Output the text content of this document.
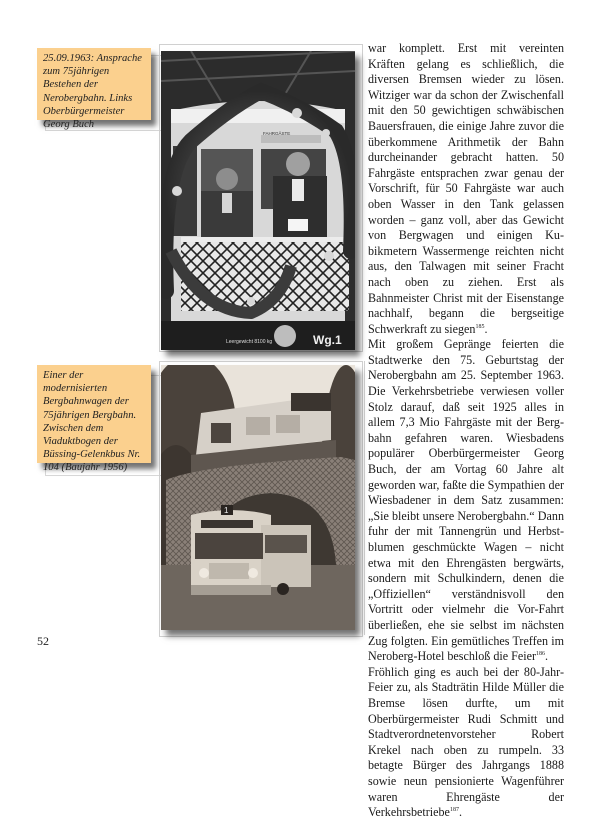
25.09.1963: Ansprache zum 75jährigen Bestehen der Nerobergbahn. Links Oberbürgermeister Georg Buch
Einer der modernisierten Bergbahnwagen der 75jährigen Bergbahn. Zwischen dem Viaduktbogen der Büssing-Gelenkbus Nr. 104 (Baujahr 1956)
Leergewicht 8100 kg	Wg.1
FAHRGÄSTE
1

war komplett. Erst mit vereinten Kräften gelang es schließlich, die diversen Bremsen wieder zu lösen. Witziger war da schon der Zwischenfall mit den 50 gewichtigen schwäbischen Bauersfrauen, die einige Jahre zuvor die überkommene Arithmetik der Bahn durcheinander gebracht hatten. 50 Fahrgäste entsprachen zwar genau der Vorschrift, für 50 Fahrgäste war auch oben Wasser in den Tank gelassen worden – ganz voll, aber das Gewicht von Bergwagen und einigen Kubikmetern Wassermenge reichten nicht aus, den Talwagen mit seiner Fracht nach oben zu ziehen. Erst als Bahnmeister Christ mit der Eisenstange nachhalf, begann die bergseitige Schwerkraft zu siegen$^{185}$.

Mit großem Gepränge feierten die Stadtwerke den 75. Geburtstag der Nerobergbahn am 25. September 1963. Die Verkehrsbetriebe verwiesen voller Stolz darauf, daß seit 1925 alles in allem 7,3 Mio Fahrgäste mit der Bergbahn gefahren waren. Wiesbadens populärer Oberbürgermeister Georg Buch, der am Vortag 60 Jahre alt geworden war, faßte die Sympathien der Wiesbadener in dem Satz zusammen: „Sie bleibt unsere Nerobergbahn.“ Dann fuhr der mit Tannengrün und Herbstblumen geschmückte Wagen – nicht etwa mit den Ehrengästen bergwärts, sondern mit Schulkindern, denen die „Offiziellen“ verständnisvoll den Vortritt oder vielmehr die Vor-Fahrt überließen, ehe sie selbst im nächsten Zug folgten. Ein gemütliches Treffen im Neroberg-Hotel beschloß die Feier$^{186}$.

Fröhlich ging es auch bei der 80-Jahr-Feier zu, als Stadträtin Hilde Müller die Bremse lösen durfte, um mit Oberbürgermeister Rudi Schmitt und Stadtverordnetenvorsteher Robert Krekel nach oben zu rumpeln. 33 betagte Bürger des Jahrgangs 1888 sowie neun pensionierte Wagenführer waren Ehrengäste der Verkehrsbetriebe$^{187}$.

52
